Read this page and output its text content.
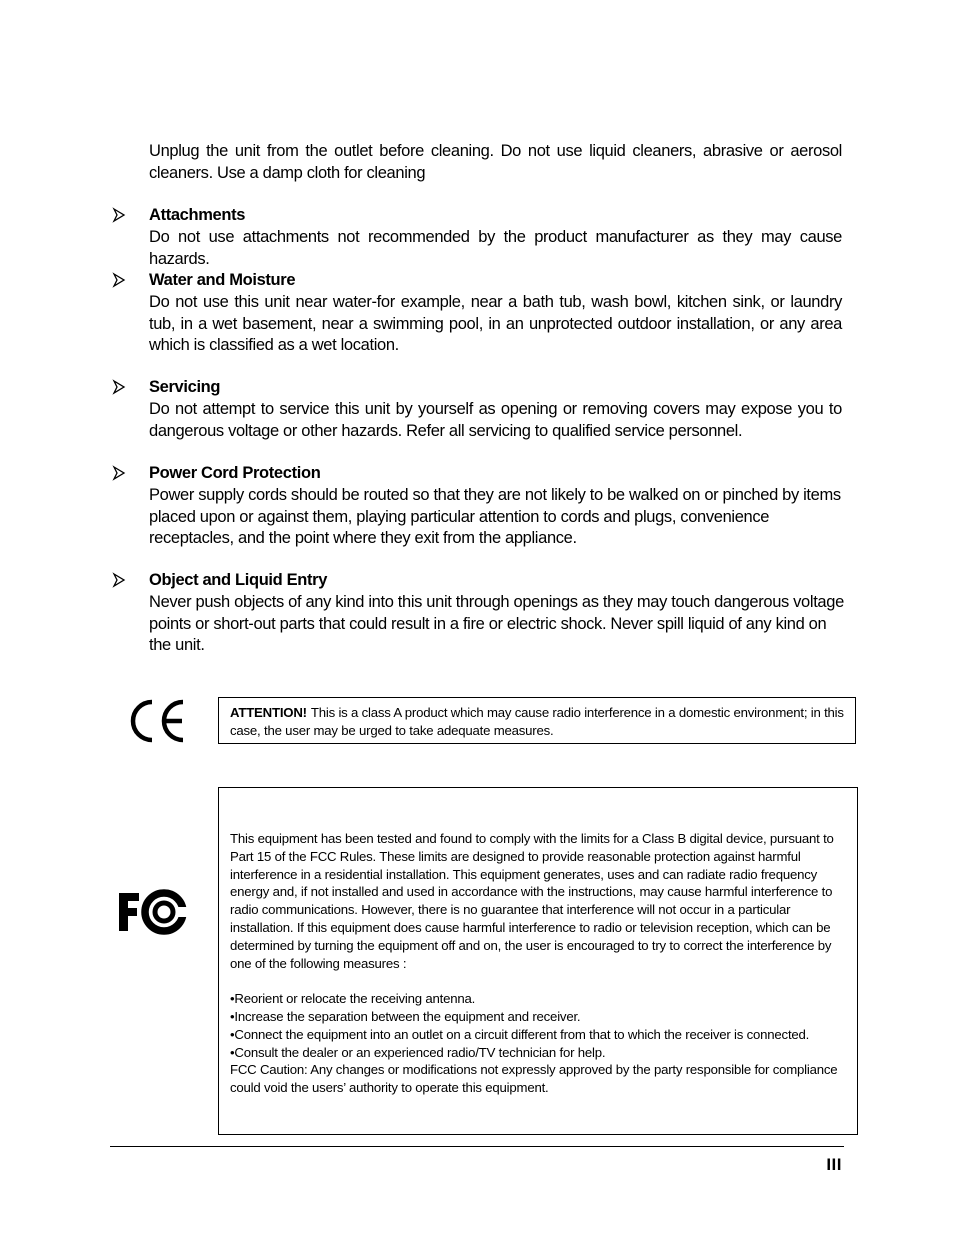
Unplug the unit from the outlet before cleaning. Do not use liquid cleaners, abrasive or aerosol cleaners. Use a damp cloth for cleaning
Attachments
Do not use attachments not recommended by the product manufacturer as they may cause hazards.
Water and Moisture
Do not use this unit near water-for example, near a bath tub, wash bowl, kitchen sink, or laundry tub, in a wet basement, near a swimming pool, in an unprotected outdoor installation, or any area which is classified as a wet location.
Servicing
Do not attempt to service this unit by yourself as opening or removing covers may expose you to dangerous voltage or other hazards. Refer all servicing to qualified service personnel.
Power Cord Protection
Power supply cords should be routed so that they are not likely to be walked on or pinched by items placed upon or against them, playing particular attention to cords and plugs, convenience receptacles, and the point where they exit from the appliance.
Object and Liquid Entry
Never push objects of any kind into this unit through openings as they may touch dangerous voltage points or short-out parts that could result in a fire or electric shock. Never spill liquid of any kind on the unit.
ATTENTION! This is a class A product which may cause radio interference in a domestic environment; in this case, the user may be urged to take adequate measures.

This equipment has been tested and found to comply with the limits for a Class B digital device, pursuant to Part 15 of the FCC Rules. These limits are designed to provide reasonable protection against harmful interference in a residential installation. This equipment generates, uses and can radiate radio frequency energy and, if not installed and used in accordance with the instructions, may cause harmful interference to radio communications. However, there is no guarantee that interference will not occur in a particular installation. If this equipment does cause harmful interference to radio or television reception, which can be determined by turning the equipment off and on, the user is encouraged to try to correct the interference by one of the following measures :

•Reorient or relocate the receiving antenna.

•Increase the separation between the equipment and receiver.

•Connect the equipment into an outlet on a circuit different from that to which the receiver is connected.

•Consult the dealer or an experienced radio/TV technician for help.

FCC Caution: Any changes or modifications not expressly approved by the party responsible for compliance could void the users’ authority to operate this equipment.

III
